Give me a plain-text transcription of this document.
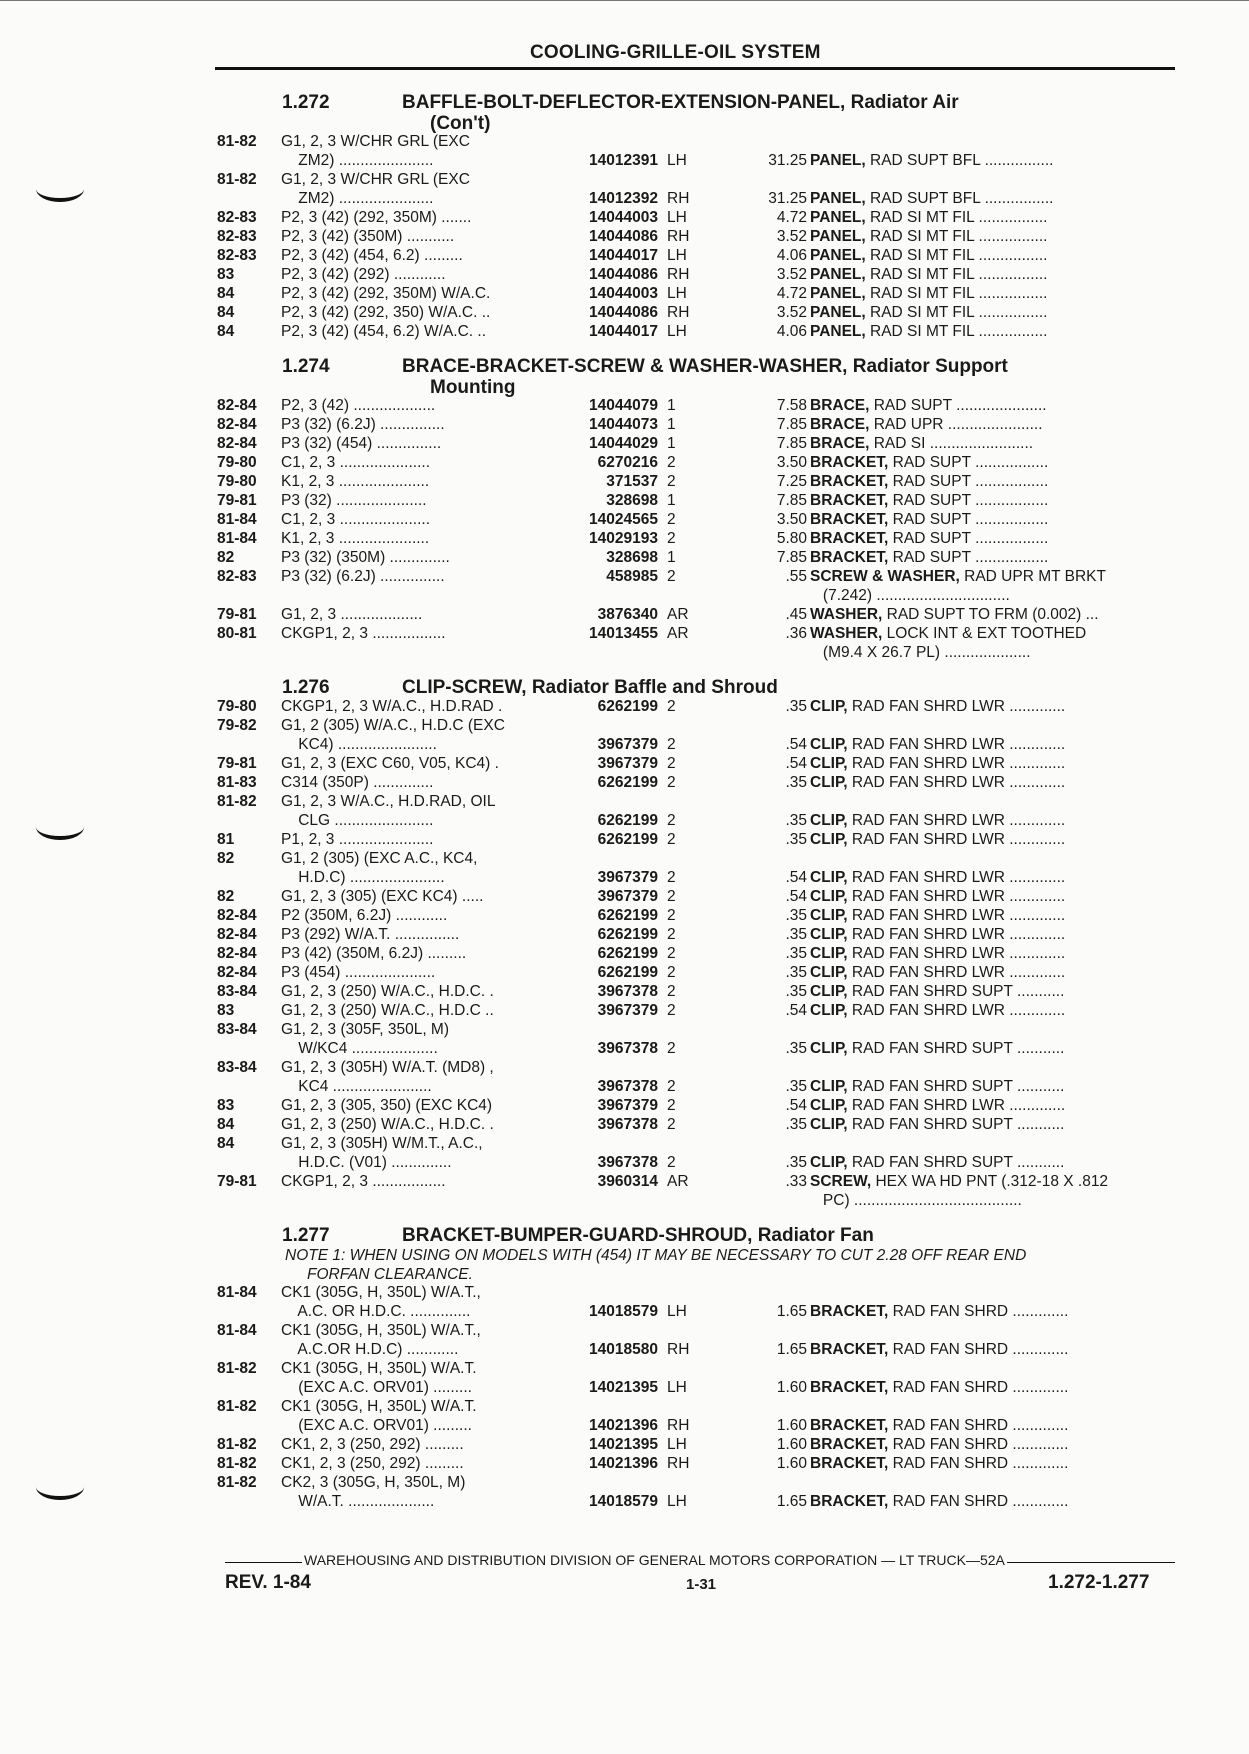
COOLING-GRILLE-OIL SYSTEM
1.272	BAFFLE-BOLT-DEFLECTOR-EXTENSION-PANEL, Radiator Air
(Con't)
81-82 G1, 2, 3 W/CHR GRL (EXC
ZM2) ......................	14012391 LH	31.25 PANEL, RAD SUPT BFL ................
81-82 G1, 2, 3 W/CHR GRL (EXC
ZM2) ......................	14012392 RH	31.25 PANEL, RAD SUPT BFL ................
82-83 P2, 3 (42) (292, 350M) .......	14044003 LH	4.72 PANEL, RAD SI MT FIL ................
82-83 P2, 3 (42) (350M) ...........	14044086 RH	3.52 PANEL, RAD SI MT FIL ................
82-83 P2, 3 (42) (454, 6.2) .........	14044017 LH	4.06 PANEL, RAD SI MT FIL ................
83	P2, 3 (42) (292) ............	14044086 RH	3.52 PANEL, RAD SI MT FIL ................
84	P2, 3 (42) (292, 350M) W/A.C.	14044003 LH	4.72 PANEL, RAD SI MT FIL ................
84	P2, 3 (42) (292, 350) W/A.C. ..	14044086 RH	3.52 PANEL, RAD SI MT FIL ................
84	P2, 3 (42) (454, 6.2) W/A.C. ..	14044017 LH	4.06 PANEL, RAD SI MT FIL ................
1.274	BRACE-BRACKET-SCREW & WASHER-WASHER, Radiator Support
Mounting
82-84 P2, 3 (42) ...................	14044079 1	7.58 BRACE, RAD SUPT .....................
82-84 P3 (32) (6.2J) ...............	14044073 1	7.85 BRACE, RAD UPR ......................
82-84 P3 (32) (454) ...............	14044029 1	7.85 BRACE, RAD SI ........................
79-80 C1, 2, 3 .....................	6270216 2	3.50 BRACKET, RAD SUPT .................
79-80 K1, 2, 3 .....................	371537 2	7.25 BRACKET, RAD SUPT .................
79-81 P3 (32) .....................	328698 1	7.85 BRACKET, RAD SUPT .................
81-84 C1, 2, 3 .....................	14024565 2	3.50 BRACKET, RAD SUPT .................
81-84 K1, 2, 3 .....................	14029193 2	5.80 BRACKET, RAD SUPT .................
82	P3 (32) (350M) ..............	328698 1	7.85 BRACKET, RAD SUPT .................
82-83 P3 (32) (6.2J) ...............	458985 2	.55 SCREW & WASHER, RAD UPR MT BRKT
(7.242) ...............................
79-81 G1, 2, 3 ...................	3876340 AR	.45 WASHER, RAD SUPT TO FRM (0.002) ...
80-81 CKGP1, 2, 3 .................	14013455 AR	.36 WASHER, LOCK INT & EXT TOOTHED
(M9.4 X 26.7 PL) ....................
1.276	CLIP-SCREW, Radiator Baffle and Shroud
79-80 CKGP1, 2, 3 W/A.C., H.D.RAD .	6262199 2	.35 CLIP, RAD FAN SHRD LWR .............
79-82 G1, 2 (305) W/A.C., H.D.C (EXC
KC4) .......................	3967379 2	.54 CLIP, RAD FAN SHRD LWR .............
79-81 G1, 2, 3 (EXC C60, V05, KC4) .	3967379 2	.54 CLIP, RAD FAN SHRD LWR .............
81-83 C314 (350P) ..............	6262199 2	.35 CLIP, RAD FAN SHRD LWR .............
81-82 G1, 2, 3 W/A.C., H.D.RAD, OIL
CLG .......................	6262199 2	.35 CLIP, RAD FAN SHRD LWR .............
81	P1, 2, 3 ......................	6262199 2	.35 CLIP, RAD FAN SHRD LWR .............
82	G1, 2 (305) (EXC A.C., KC4,
H.D.C) ......................	3967379 2	.54 CLIP, RAD FAN SHRD LWR .............
82	G1, 2, 3 (305) (EXC KC4) .....	3967379 2	.54 CLIP, RAD FAN SHRD LWR .............
82-84 P2 (350M, 6.2J) ............	6262199 2	.35 CLIP, RAD FAN SHRD LWR .............
82-84 P3 (292) W/A.T. ...............	6262199 2	.35 CLIP, RAD FAN SHRD LWR .............
82-84 P3 (42) (350M, 6.2J) .........	6262199 2	.35 CLIP, RAD FAN SHRD LWR .............
82-84 P3 (454) .....................	6262199 2	.35 CLIP, RAD FAN SHRD LWR .............
83-84 G1, 2, 3 (250) W/A.C., H.D.C. .	3967378 2	.35 CLIP, RAD FAN SHRD SUPT ...........
83	G1, 2, 3 (250) W/A.C., H.D.C ..	3967379 2	.54 CLIP, RAD FAN SHRD LWR .............
83-84 G1, 2, 3 (305F, 350L, M)
W/KC4 ....................	3967378 2	.35 CLIP, RAD FAN SHRD SUPT ...........
83-84 G1, 2, 3 (305H) W/A.T. (MD8) ,
KC4 .......................	3967378 2	.35 CLIP, RAD FAN SHRD SUPT ...........
83	G1, 2, 3 (305, 350) (EXC KC4)	3967379 2	.54 CLIP, RAD FAN SHRD LWR .............
84	G1, 2, 3 (250) W/A.C., H.D.C. .	3967378 2	.35 CLIP, RAD FAN SHRD SUPT ...........
84	G1, 2, 3 (305H) W/M.T., A.C.,
H.D.C. (V01) ..............	3967378 2	.35 CLIP, RAD FAN SHRD SUPT ...........
79-81 CKGP1, 2, 3 .................	3960314 AR	.33 SCREW, HEX WA HD PNT (.312-18 X .812
PC) .......................................
1.277	BRACKET-BUMPER-GUARD-SHROUD, Radiator Fan
NOTE 1: WHEN USING ON MODELS WITH (454) IT MAY BE NECESSARY TO CUT 2.28 OFF REAR END

FORFAN CLEARANCE.
81-84 CK1 (305G, H, 350L) W/A.T.,
A.C. OR H.D.C. ..............	14018579 LH	1.65 BRACKET, RAD FAN SHRD .............
81-84 CK1 (305G, H, 350L) W/A.T.,
A.C.OR H.D.C) ............	14018580 RH	1.65 BRACKET, RAD FAN SHRD .............
81-82 CK1 (305G, H, 350L) W/A.T.
(EXC A.C. ORV01) .........	14021395 LH	1.60 BRACKET, RAD FAN SHRD .............
81-82 CK1 (305G, H, 350L) W/A.T.
(EXC A.C. ORV01) .........	14021396 RH	1.60 BRACKET, RAD FAN SHRD .............
81-82 CK1, 2, 3 (250, 292) .........	14021395 LH	1.60 BRACKET, RAD FAN SHRD .............
81-82 CK1, 2, 3 (250, 292) .........	14021396 RH	1.60 BRACKET, RAD FAN SHRD .............
81-82 CK2, 3 (305G, H, 350L, M)
W/A.T. ....................	14018579 LH	1.65 BRACKET, RAD FAN SHRD .............
WAREHOUSING AND DISTRIBUTION DIVISION OF GENERAL MOTORS CORPORATION — LT TRUCK—52A
REV. 1-84	1-31	1.272-1.277
